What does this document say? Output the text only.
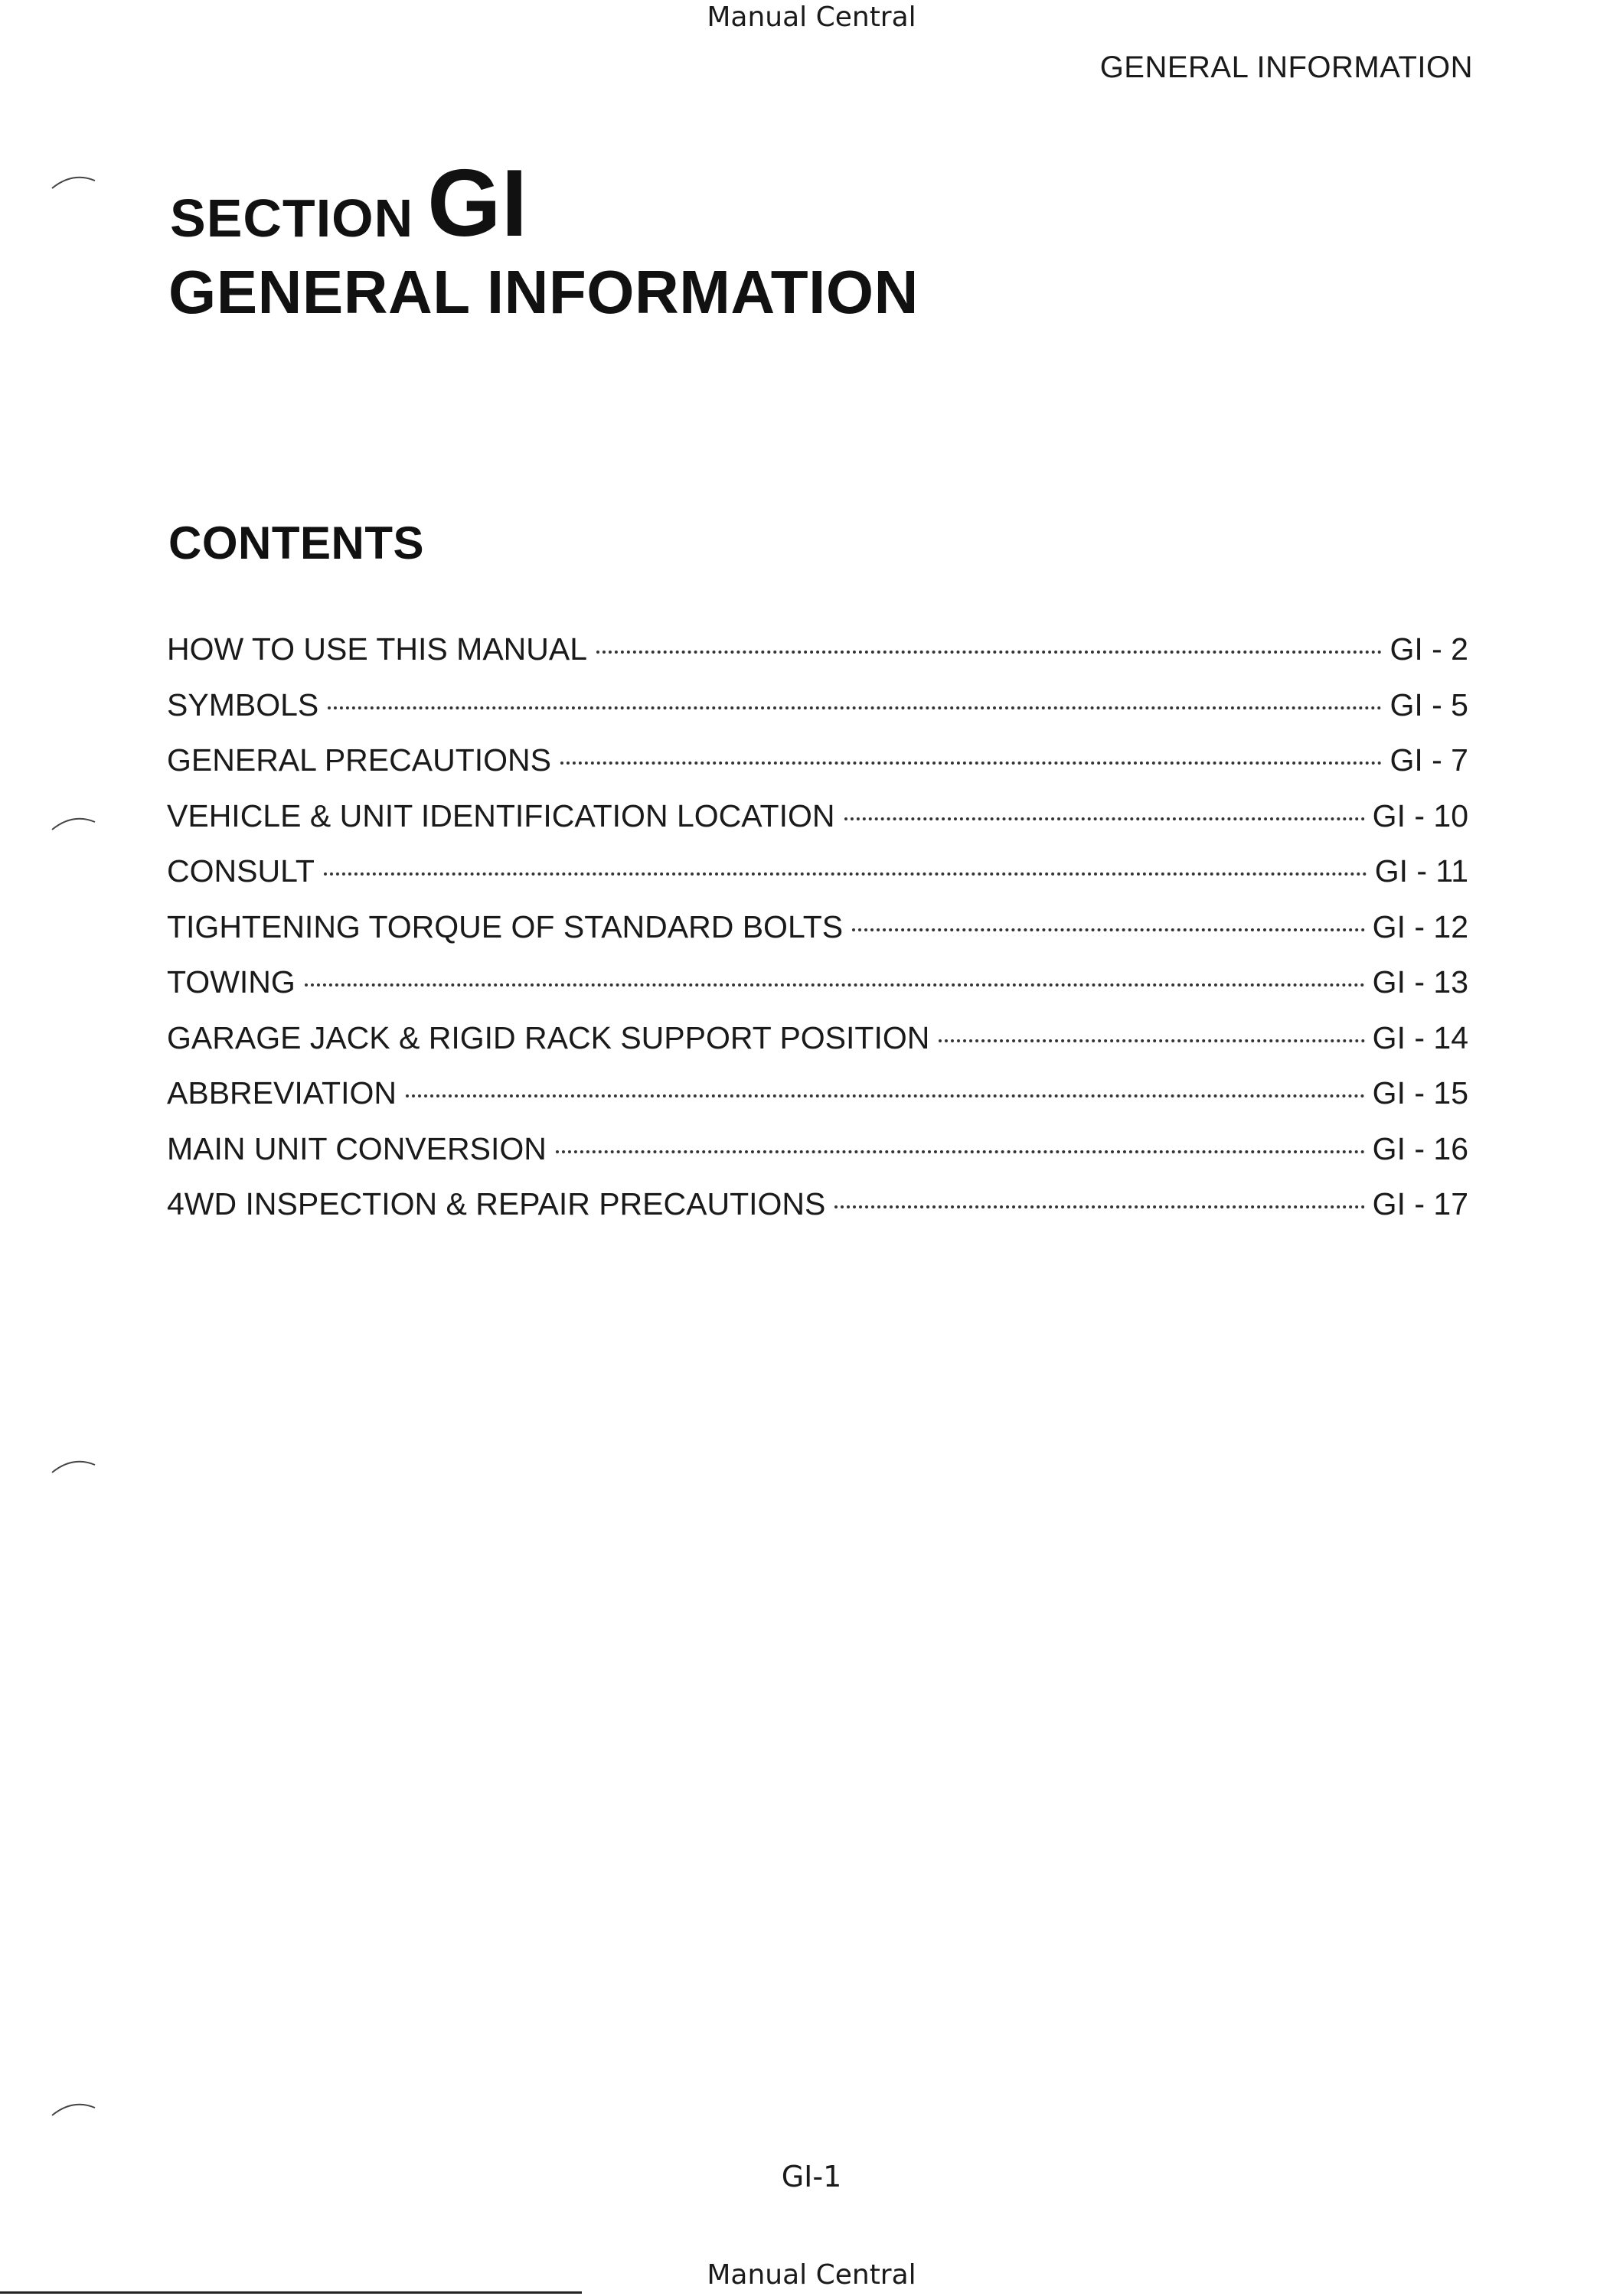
Manual Central
GENERAL INFORMATION
SECTION GI
GENERAL INFORMATION
CONTENTS
HOW TO USE THIS MANUAL	GI - 2
SYMBOLS	GI - 5
GENERAL PRECAUTIONS	GI - 7
VEHICLE & UNIT IDENTIFICATION LOCATION	GI - 10
CONSULT	GI - 11
TIGHTENING TORQUE OF STANDARD BOLTS	GI - 12
TOWING	GI - 13
GARAGE JACK & RIGID RACK SUPPORT POSITION	GI - 14
ABBREVIATION	GI - 15
MAIN UNIT CONVERSION	GI - 16
4WD INSPECTION & REPAIR PRECAUTIONS	GI - 17
GI-1
Manual Central
